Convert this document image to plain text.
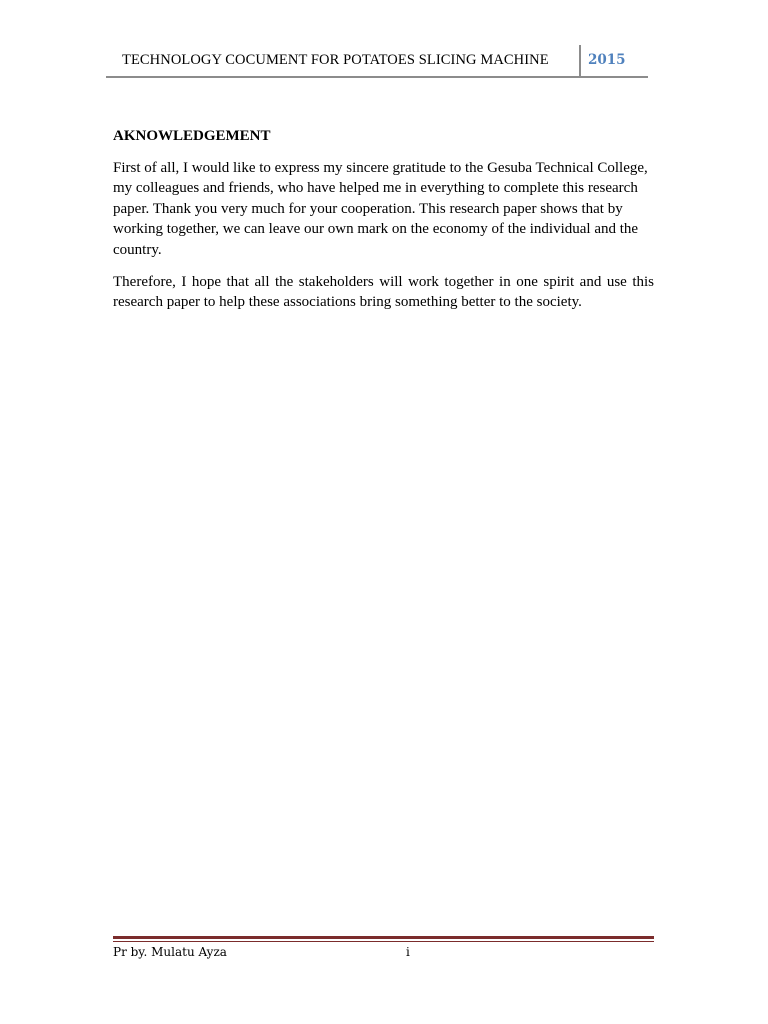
TECHNOLOGY COCUMENT FOR POTATOES SLICING MACHINE	2015
AKNOWLEDGEMENT

First of all, I would like to express my sincere gratitude to the Gesuba Technical College, my colleagues and friends, who have helped me in everything to complete this research paper. Thank you very much for your cooperation. This research paper shows that by working together, we can leave our own mark on the economy of the individual and the country.

Therefore, I hope that all the stakeholders will work together in one spirit and use this research paper to help these associations bring something better to the society.

Pr by. Mulatu Ayza	i
